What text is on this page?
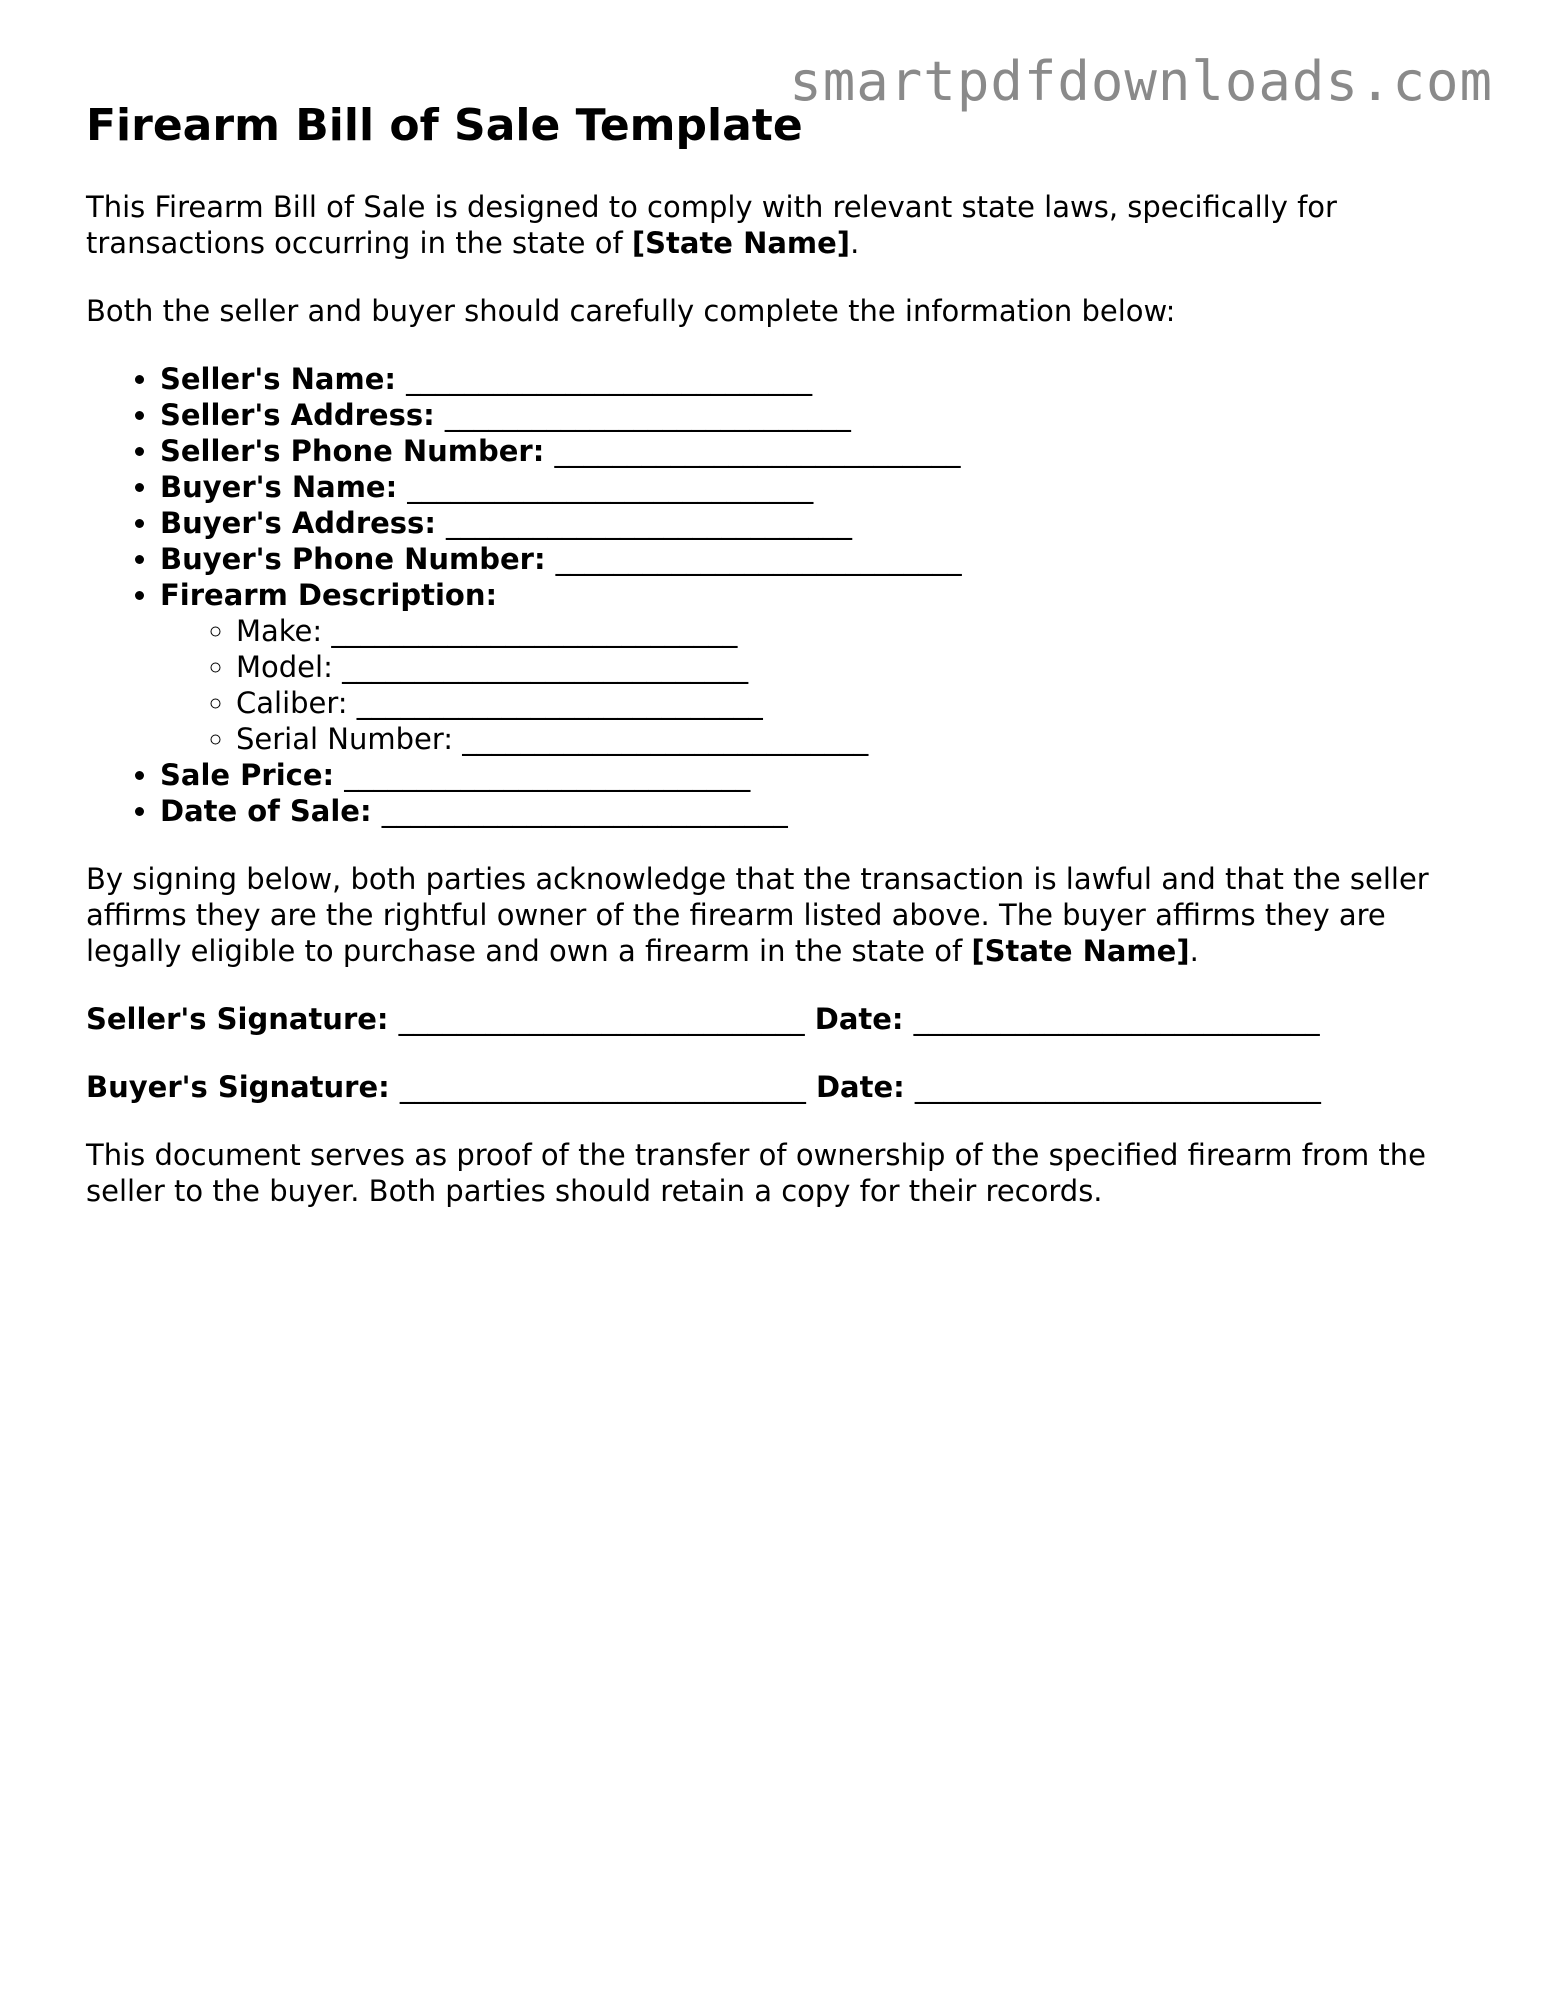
smartpdfdownloads.com
Firearm Bill of Sale Template

This Firearm Bill of Sale is designed to comply with relevant state laws, specifically for transactions occurring in the state of [State Name].

Both the seller and buyer should carefully complete the information below:

• Seller's Name: ____________________________
• Seller's Address: ____________________________
• Seller's Phone Number: ____________________________
• Buyer's Name: ____________________________
• Buyer's Address: ____________________________
• Buyer's Phone Number: ____________________________
• Firearm Description:
◦ Make: ____________________________
◦ Model: ____________________________
◦ Caliber: ____________________________
◦ Serial Number: ____________________________
• Sale Price: ____________________________
• Date of Sale: ____________________________

By signing below, both parties acknowledge that the transaction is lawful and that the seller affirms they are the rightful owner of the firearm listed above. The buyer affirms they are legally eligible to purchase and own a firearm in the state of [State Name].

Seller's Signature: ____________________________ Date: ____________________________
Buyer's Signature: ____________________________ Date: ____________________________

This document serves as proof of the transfer of ownership of the specified firearm from the seller to the buyer. Both parties should retain a copy for their records.
